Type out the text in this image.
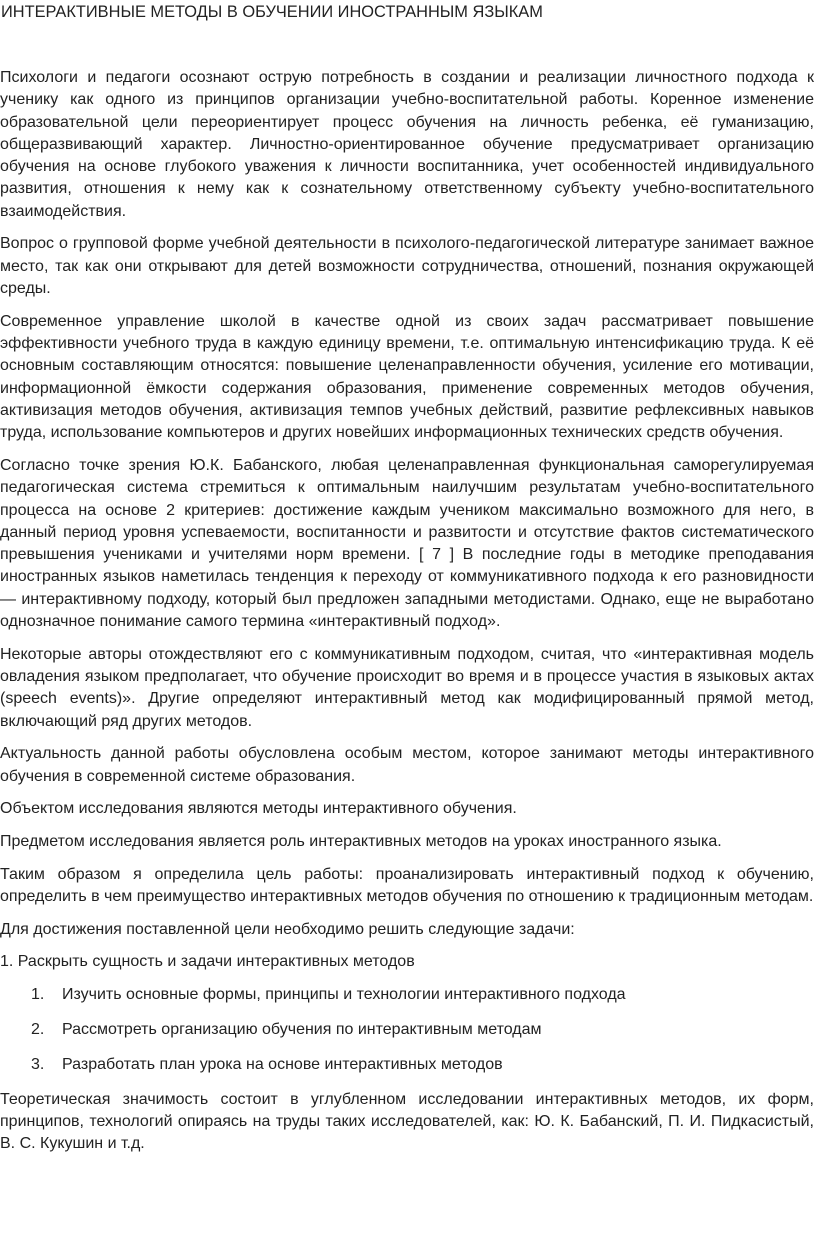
ИНТЕРАКТИВНЫЕ МЕТОДЫ В ОБУЧЕНИИ ИНОСТРАННЫМ ЯЗЫКАМ

Психологи и педагоги осознают острую потребность в создании и реализации личностного подхода к ученику как одного из принципов организации учебно-воспитательной работы. Коренное изменение образовательной цели переориентирует процесс обучения на личность ребенка, её гуманизацию, общеразвивающий характер. Личностно-ориентированное обучение предусматривает организацию обучения на основе глубокого уважения к личности воспитанника, учет особенностей индивидуального развития, отношения к нему как к сознательному ответственному субъекту учебно-воспитательного взаимодействия.

Вопрос о групповой форме учебной деятельности в психолого-педагогической литературе занимает важное место, так как они открывают для детей возможности сотрудничества, отношений, познания окружающей среды.

Современное управление школой в качестве одной из своих задач рассматривает повышение эффективности учебного труда в каждую единицу времени, т.е. оптимальную интенсификацию труда. К её основным составляющим относятся: повышение целенаправленности обучения, усиление его мотивации, информационной ёмкости содержания образования, применение современных методов обучения, активизация методов обучения, активизация темпов учебных действий, развитие рефлексивных навыков труда, использование компьютеров и других новейших информационных технических средств обучения.

Согласно точке зрения Ю.К. Бабанского, любая целенаправленная функциональная саморегулируемая педагогическая система стремиться к оптимальным наилучшим результатам учебно-воспитательного процесса на основе 2 критериев: достижение каждым учеником максимально возможного для него, в данный период уровня успеваемости, воспитанности и развитости и отсутствие фактов систематического превышения учениками и учителями норм времени. [ 7 ] В последние годы в методике преподавания иностранных языков наметилась тенденция к переходу от коммуникативного подхода к его разновидности — интерактивному подходу, который был предложен западными методистами. Однако, еще не выработано однозначное понимание самого термина «интерактивный подход».

Некоторые авторы отождествляют его с коммуникативным подходом, считая, что «интерактивная модель овладения языком предполагает, что обучение происходит во время и в процессе участия в языковых актах (speech events)». Другие определяют интерактивный метод как модифицированный прямой метод, включающий ряд других методов.

Актуальность данной работы обусловлена особым местом, которое занимают методы интерактивного обучения в современной системе образования.

Объектом исследования являются методы интерактивного обучения.

Предметом исследования является роль интерактивных методов на уроках иностранного языка.

Таким образом я определила цель работы: проанализировать интерактивный подход к обучению, определить в чем преимущество интерактивных методов обучения по отношению к традиционным методам.

Для достижения поставленной цели необходимо решить следующие задачи:

1. Раскрыть сущность и задачи интерактивных методов

1. Изучить основные формы, принципы и технологии интерактивного подхода
2. Рассмотреть организацию обучения по интерактивным методам
3. Разработать план урока на основе интерактивных методов

Теоретическая значимость состоит в углубленном исследовании интерактивных методов, их форм, принципов, технологий опираясь на труды таких исследователей, как: Ю. К. Бабанский, П. И. Пидкасистый, В. С. Кукушин и т.д.
